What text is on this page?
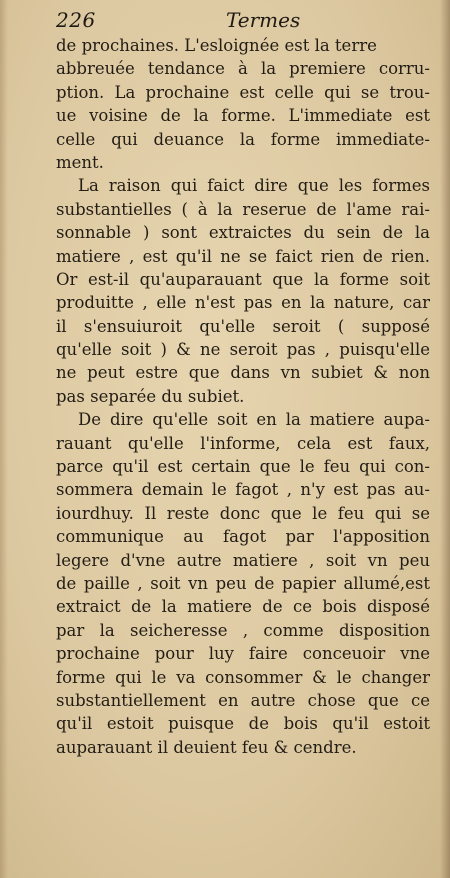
226	Termes
de prochaines. L'esloignée est la terre
abbreuée tendance à la premiere corru-
ption. La prochaine est celle qui se trou-
ue voisine de la forme. L'immediate est
celle qui deuance la forme immediate-
ment.
La raison qui faict dire que les formes
substantielles ( à la reserue de l'ame rai-
sonnable ) sont extraictes du sein de la
matiere , est qu'il ne se faict rien de rien.
Or est-il qu'auparauant que la forme soit
produitte , elle n'est pas en la nature, car
il s'ensuiuroit qu'elle seroit ( supposé
qu'elle soit ) & ne seroit pas , puisqu'elle
ne peut estre que dans vn subiet & non
pas separée du subiet.
De dire qu'elle soit en la matiere aupa-
rauant qu'elle l'informe, cela est faux,
parce qu'il est certain que le feu qui con-
sommera demain le fagot , n'y est pas au-
iourdhuy. Il reste donc que le feu qui se
communique au fagot par l'apposition
legere d'vne autre matiere , soit vn peu
de paille , soit vn peu de papier allumé,est
extraict de la matiere de ce bois disposé
par la seicheresse , comme disposition
prochaine pour luy faire conceuoir vne
forme qui le va consommer & le changer
substantiellement en autre chose que ce
qu'il estoit puisque de bois qu'il estoit
auparauant il deuient feu & cendre.
